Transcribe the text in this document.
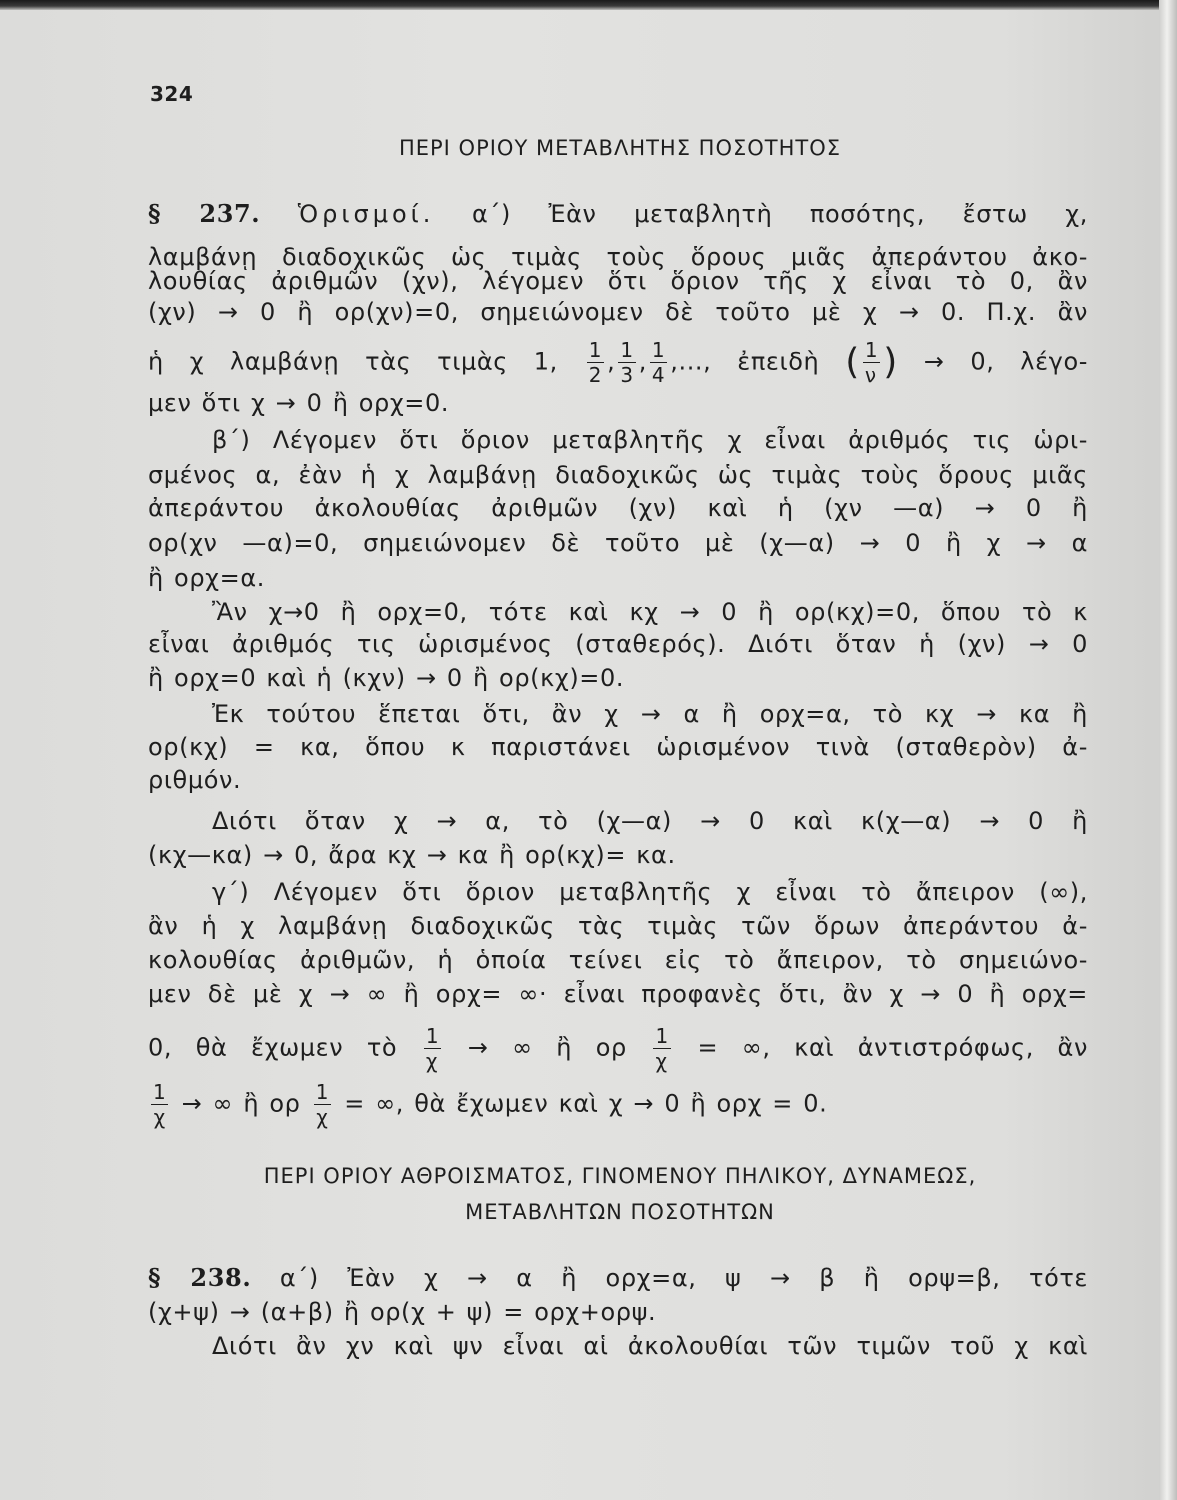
324
ΠΕΡΙ ΟΡΙΟΥ ΜΕΤΑΒΛΗΤΗΣ ΠΟΣΟΤΗΤΟΣ
§ 237. Ὁρισμοί. α΄) Ἐὰν μεταβλητὴ ποσότης, ἔστω χ,
λαμβάνῃ διαδοχικῶς ὡς τιμὰς τοὺς ὅρους μιᾶς ἀπεράντου ἀκο-
λουθίας ἀριθμῶν (χν), λέγομεν ὅτι ὅριον τῆς χ εἶναι τὸ 0, ἂν
(χν) → 0 ἢ ορ(χν)=0, σημειώνομεν δὲ τοῦτο μὲ χ → 0. Π.χ. ἂν
ἡ χ λαμβάνῃ τὰς τιμὰς 1, $\frac{1}{2}$ , $\frac{1}{3}$ , $\frac{1}{4}$ ,..., ἐπειδὴ ( $\frac{1}{\nu}$ ) → 0, λέγο-
μεν ὅτι χ → 0 ἢ ορχ=0.
β΄) Λέγομεν ὅτι ὅριον μεταβλητῆς χ εἶναι ἀριθμός τις ὡρι-
σμένος α, ἐὰν ἡ χ λαμβάνῃ διαδοχικῶς ὡς τιμὰς τοὺς ὅρους μιᾶς
ἀπεράντου ἀκολουθίας ἀριθμῶν (χν) καὶ ἡ (χν —α) → 0 ἢ
ορ(χν —α)=0, σημειώνομεν δὲ τοῦτο μὲ (χ—α) → 0 ἢ χ → α
ἢ ορχ=α.
Ἂν χ→0 ἢ ορχ=0, τότε καὶ κχ → 0 ἢ ορ(κχ)=0, ὅπου τὸ κ
εἶναι ἀριθμός τις ὡρισμένος (σταθερός). Διότι ὅταν ἡ (χν) → 0
ἢ ορχ=0 καὶ ἡ (κχν) → 0 ἢ ορ(κχ)=0.
Ἐκ τούτου ἕπεται ὅτι, ἂν χ → α ἢ ορχ=α, τὸ κχ → κα ἢ
ορ(κχ) = κα, ὅπου κ παριστάνει ὡρισμένον τινὰ (σταθερὸν) ἀ-
ριθμόν.
Διότι ὅταν χ → α, τὸ (χ—α) → 0 καὶ κ(χ—α) → 0 ἢ
(κχ—κα) → 0, ἄρα κχ → κα ἢ ορ(κχ)= κα.
γ΄) Λέγομεν ὅτι ὅριον μεταβλητῆς χ εἶναι τὸ ἄπειρον (∞),
ἂν ἡ χ λαμβάνῃ διαδοχικῶς τὰς τιμὰς τῶν ὅρων ἀπεράντου ἀ-
κολουθίας ἀριθμῶν, ἡ ὁποία τείνει εἰς τὸ ἄπειρον, τὸ σημειώνο-
μεν δὲ μὲ χ → ∞ ἢ ορχ= ∞· εἶναι προφανὲς ὅτι, ἂν χ → 0 ἢ ορχ=
0, θὰ ἔχωμεν τὸ $\frac{1}{\chi}$ → ∞ ἢ ορ $\frac{1}{\chi}$ = ∞, καὶ ἀντιστρόφως, ἂν
$\frac{1}{\chi}$ → ∞ ἢ ορ $\frac{1}{\chi}$ = ∞, θὰ ἔχωμεν καὶ χ → 0 ἢ ορχ = 0.
ΠΕΡΙ ΟΡΙΟΥ ΑΘΡΟΙΣΜΑΤΟΣ, ΓΙΝΟΜΕΝΟΥ ΠΗΛΙΚΟΥ, ΔΥΝΑΜΕΩΣ,
ΜΕΤΑΒΛΗΤΩΝ ΠΟΣΟΤΗΤΩΝ
§ 238. α΄) Ἐὰν χ → α ἢ ορχ=α, ψ → β ἢ ορψ=β, τότε
(χ+ψ) → (α+β) ἢ ορ(χ + ψ) = ορχ+ορψ.
Διότι ἂν χν καὶ ψν εἶναι αἱ ἀκολουθίαι τῶν τιμῶν τοῦ χ καὶ
